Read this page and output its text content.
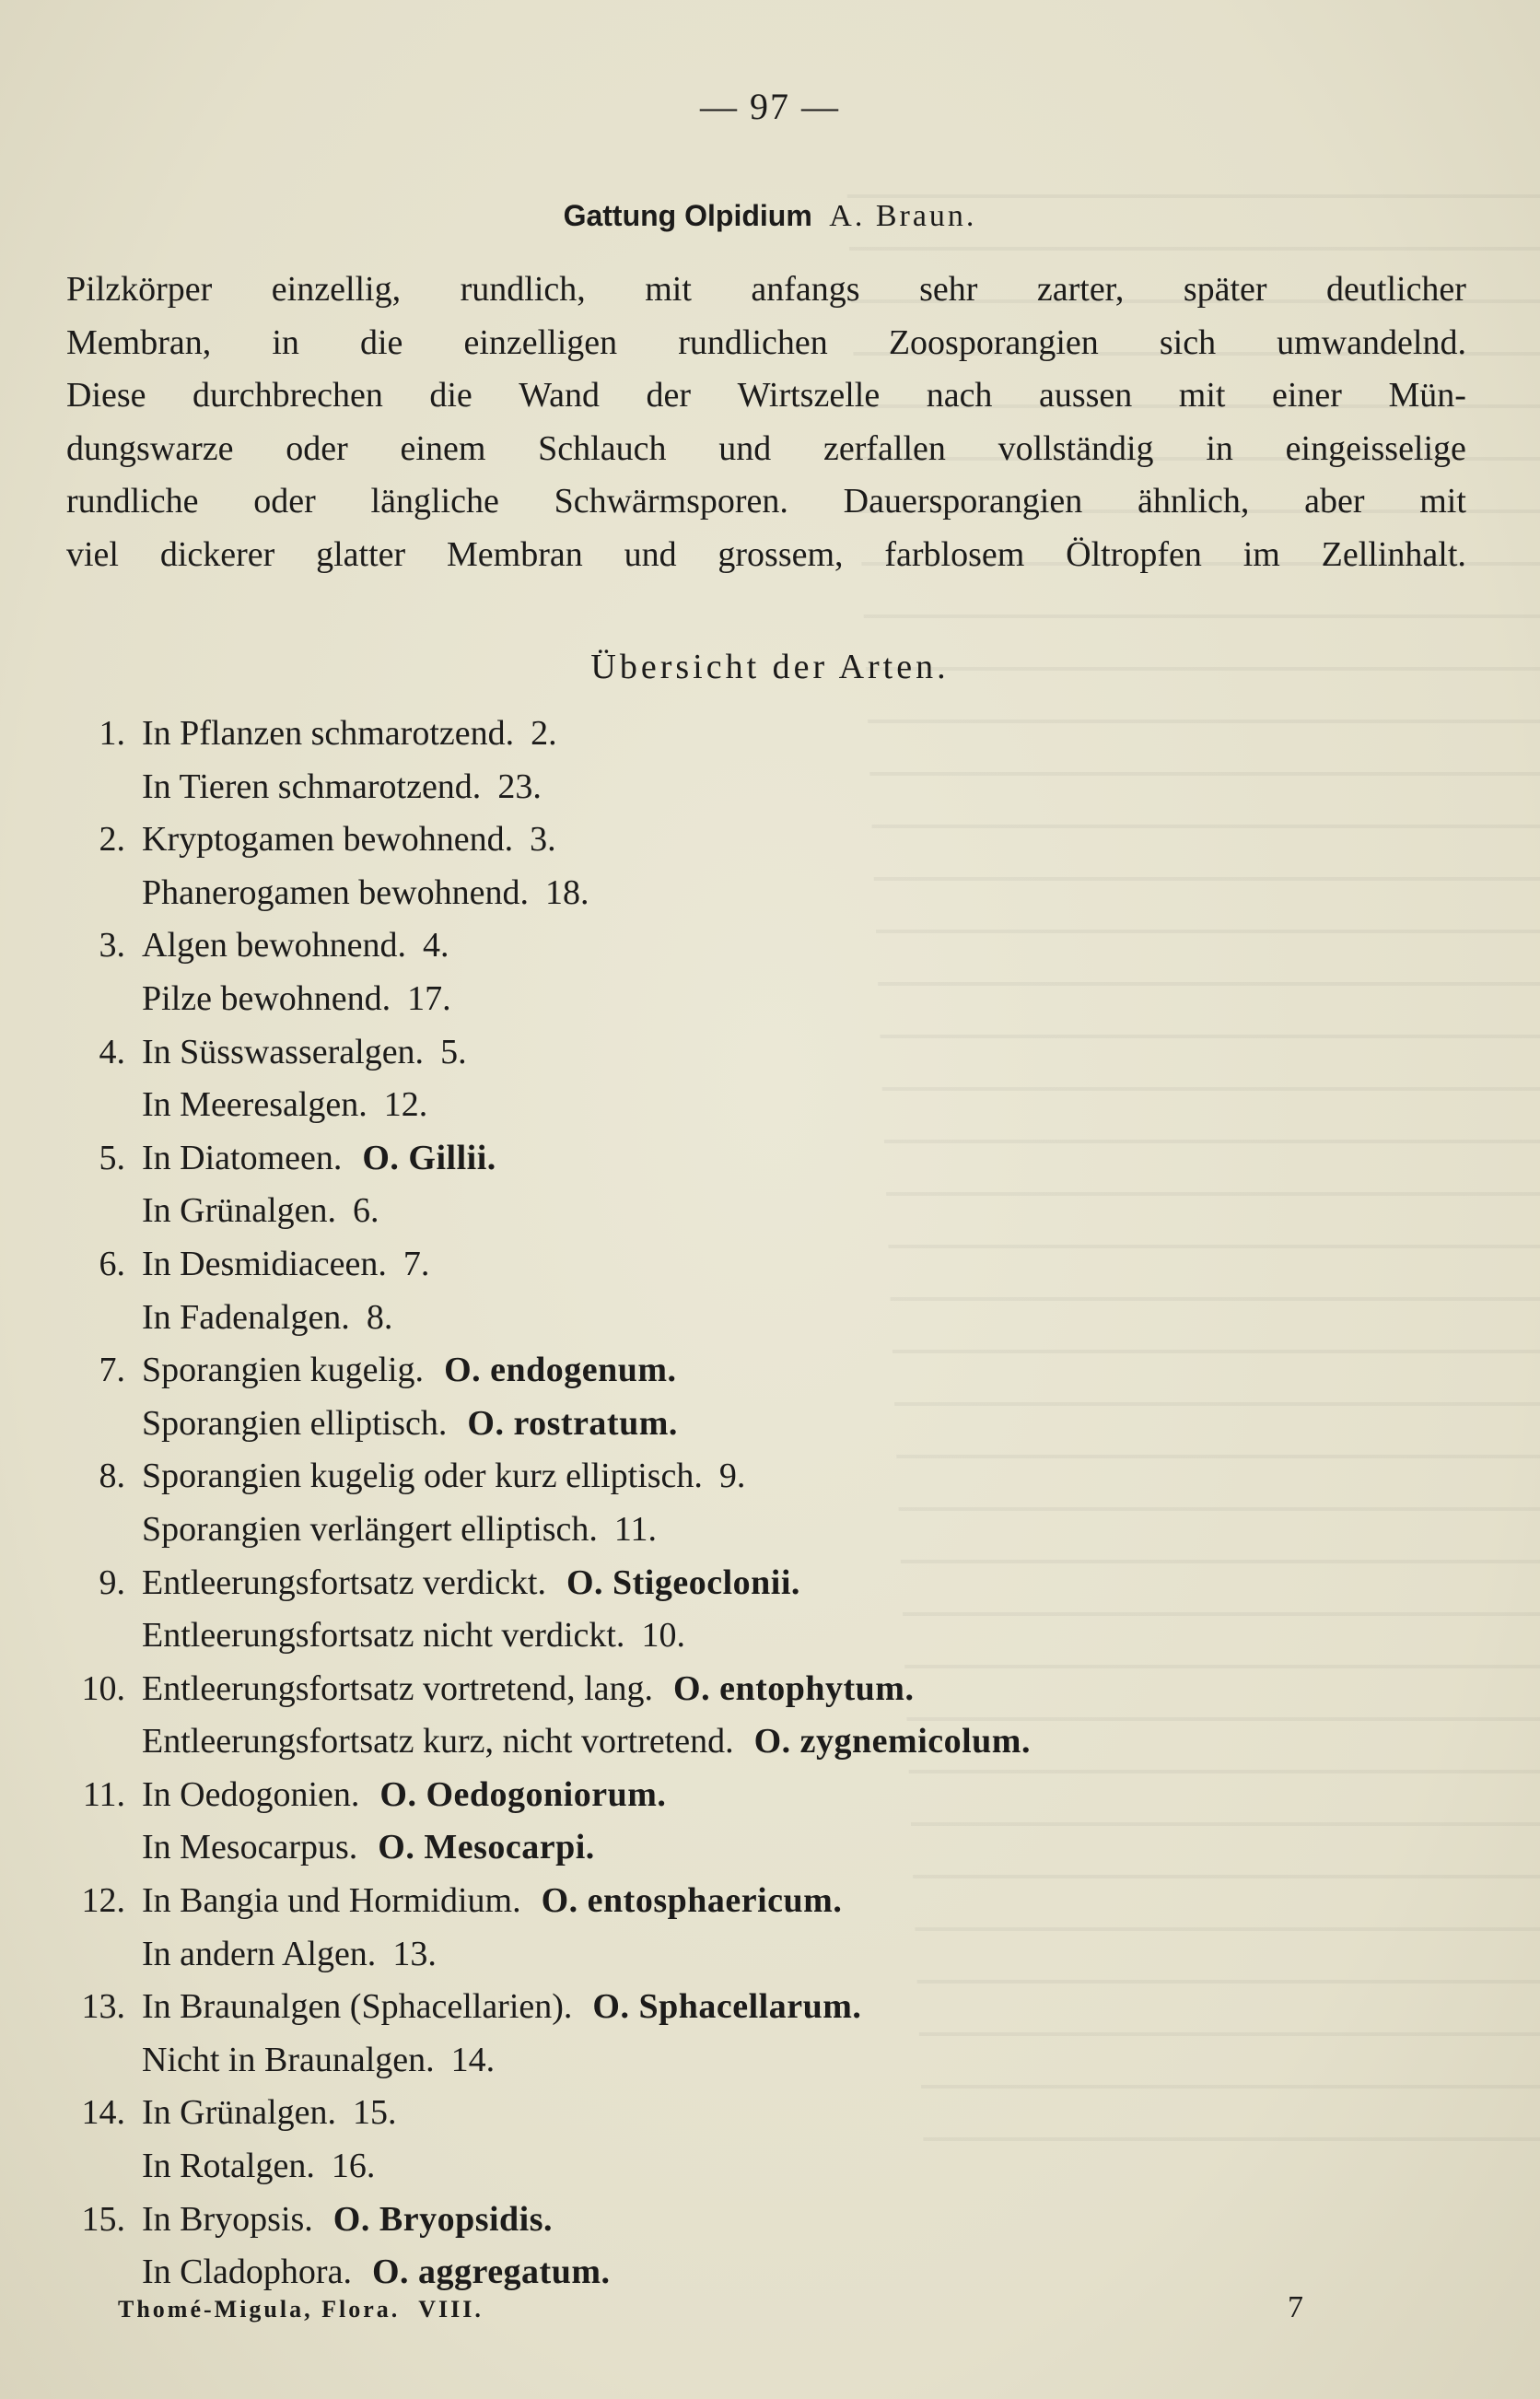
— 97 —
Gattung Olpidium A. Braun.
Pilzkörper einzellig, rundlich, mit anfangs sehr zarter, später deutlicher
Membran, in die einzelligen rundlichen Zoosporangien sich umwandelnd.
Diese durchbrechen die Wand der Wirtszelle nach aussen mit einer Mün-
dungswarze oder einem Schlauch und zerfallen vollständig in eingeisselige
rundliche oder längliche Schwärmsporen. Dauersporangien ähnlich, aber mit
viel dickerer glatter Membran und grossem, farblosem Öltropfen im Zellinhalt.
Übersicht der Arten.
1. In Pflanzen schmarotzend. 2.
In Tieren schmarotzend. 23.
2. Kryptogamen bewohnend. 3.
Phanerogamen bewohnend. 18.
3. Algen bewohnend. 4.
Pilze bewohnend. 17.
4. In Süsswasseralgen. 5.
In Meeresalgen. 12.
5. In Diatomeen. O. Gillii.
In Grünalgen. 6.
6. In Desmidiaceen. 7.
In Fadenalgen. 8.
7. Sporangien kugelig. O. endogenum.
Sporangien elliptisch. O. rostratum.
8. Sporangien kugelig oder kurz elliptisch. 9.
Sporangien verlängert elliptisch. 11.
9. Entleerungsfortsatz verdickt. O. Stigeoclonii.
Entleerungsfortsatz nicht verdickt. 10.
10. Entleerungsfortsatz vortretend, lang. O. entophytum.
Entleerungsfortsatz kurz, nicht vortretend. O. zygnemicolum.
11. In Oedogonien. O. Oedogoniorum.
In Mesocarpus. O. Mesocarpi.
12. In Bangia und Hormidium. O. entosphaericum.
In andern Algen. 13.
13. In Braunalgen (Sphacellarien). O. Sphacellarum.
Nicht in Braunalgen. 14.
14. In Grünalgen. 15.
In Rotalgen. 16.
15. In Bryopsis. O. Bryopsidis.
In Cladophora. O. aggregatum.
Thomé-Migula, Flora. VIII.	7
